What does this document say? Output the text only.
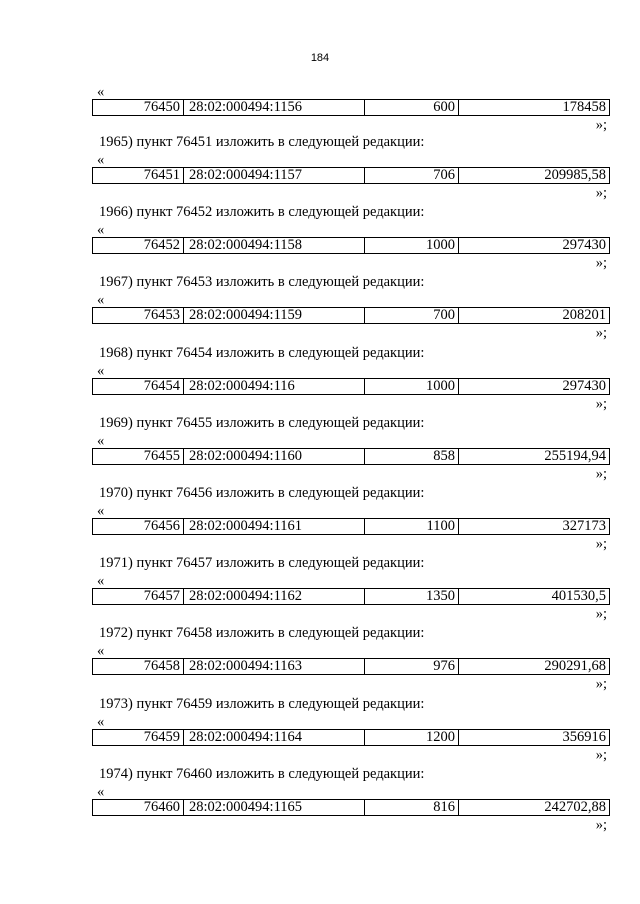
184
«
76450 28:02:000494:1156	600	178458
»;
1965) пункт 76451 изложить в следующей редакции:
«
76451 28:02:000494:1157	706	209985,58
»;
1966) пункт 76452 изложить в следующей редакции:
«
76452 28:02:000494:1158	1000	297430
»;
1967) пункт 76453 изложить в следующей редакции:
«
76453 28:02:000494:1159	700	208201
»;
1968) пункт 76454 изложить в следующей редакции:
«
76454 28:02:000494:116	1000	297430
»;
1969) пункт 76455 изложить в следующей редакции:
«
76455 28:02:000494:1160	858	255194,94
»;
1970) пункт 76456 изложить в следующей редакции:
«
76456 28:02:000494:1161	1100	327173
»;
1971) пункт 76457 изложить в следующей редакции:
«
76457 28:02:000494:1162	1350	401530,5
»;
1972) пункт 76458 изложить в следующей редакции:
«
76458 28:02:000494:1163	976	290291,68
»;
1973) пункт 76459 изложить в следующей редакции:
«
76459 28:02:000494:1164	1200	356916
»;
1974) пункт 76460 изложить в следующей редакции:
«
76460 28:02:000494:1165	816	242702,88
»;
